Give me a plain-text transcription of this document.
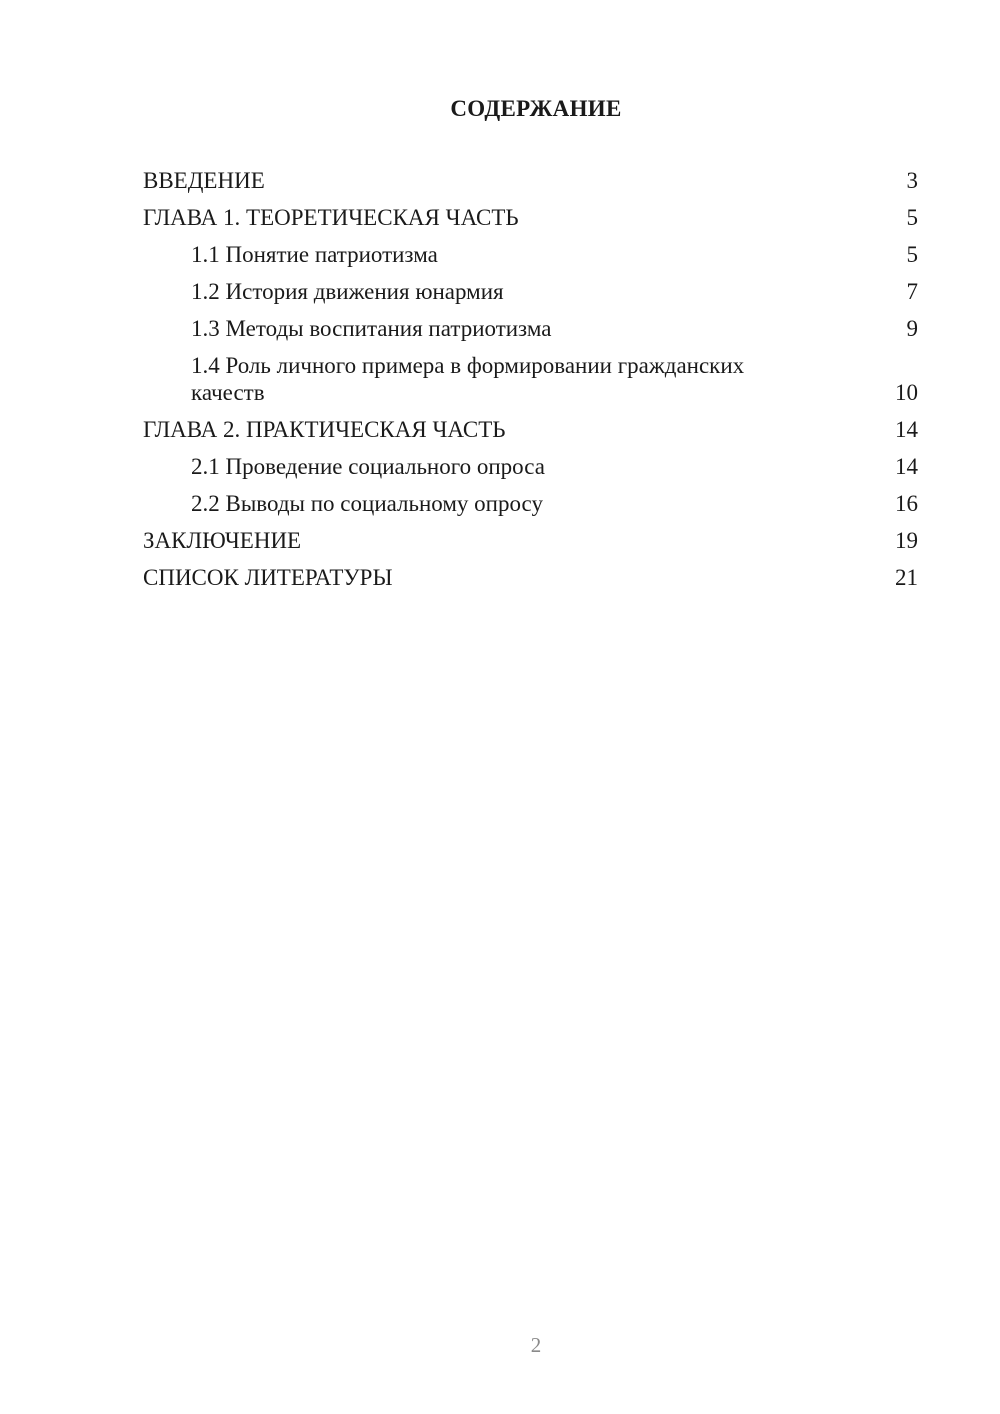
СОДЕРЖАНИЕ
ВВЕДЕНИЕ	3
ГЛАВА 1. ТЕОРЕТИЧЕСКАЯ ЧАСТЬ	5
1.1 Понятие патриотизма	5
1.2 История движения юнармия	7
1.3 Методы воспитания патриотизма	9
1.4 Роль личного примера в формировании гражданских качеств	10
ГЛАВА 2. ПРАКТИЧЕСКАЯ ЧАСТЬ	14
2.1 Проведение социального опроса	14
2.2 Выводы по социальному опросу	16
ЗАКЛЮЧЕНИЕ	19
СПИСОК ЛИТЕРАТУРЫ	21
2
